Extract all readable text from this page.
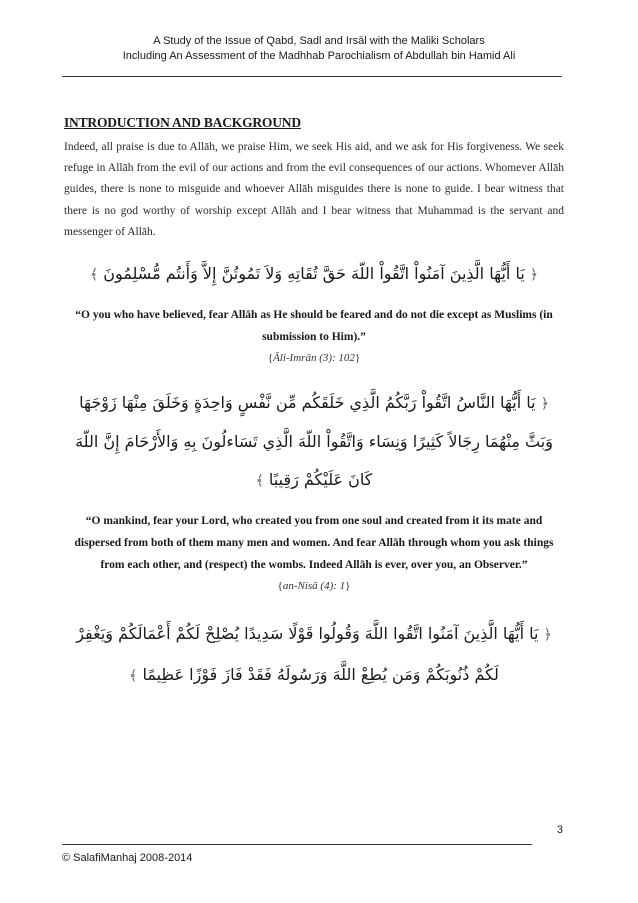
A Study of the Issue of Qabd, Sadl and Irsāl with the Maliki Scholars
Including An Assessment of the Madhhab Parochialism of Abdullah bin Hamid Ali
INTRODUCTION AND BACKGROUND

Indeed, all praise is due to Allāh, we praise Him, we seek His aid, and we ask for His forgiveness. We seek refuge in Allāh from the evil of our actions and from the evil consequences of our actions. Whomever Allāh guides, there is none to misguide and whoever Allāh misguides there is none to guide. I bear witness that there is no god worthy of worship except Allāh and I bear witness that Muhammad is the servant and messenger of Allāh.

﴿ يَا أَيُّهَا الَّذِينَ آمَنُواْ اتَّقُواْ اللّهَ حَقَّ تُقَاتِهِ وَلاَ تَمُوتُنَّ إِلاَّ وَأَنتُم مُّسْلِمُونَ ﴾

“O you who have believed, fear Allāh as He should be feared and do not die except as Muslims (in submission to Him).”

{Āli-Imrān (3): 102}

﴿ يَا أَيُّهَا النَّاسُ اتَّقُواْ رَبَّكُمُ الَّذِي خَلَقَكُم مِّن نَّفْسٍ وَاحِدَةٍ وَخَلَقَ مِنْهَا زَوْجَهَا وَبَثَّ مِنْهُمَا رِجَالاً كَثِيرًا وَنِسَاء وَاتَّقُواْ اللّهَ الَّذِي تَسَاءلُونَ بِهِ وَالأَرْحَامَ إِنَّ اللّهَ كَانَ عَلَيْكُمْ رَقِيبًا ﴾

“O mankind, fear your Lord, who created you from one soul and created from it its mate and dispersed from both of them many men and women. And fear Allāh through whom you ask things from each other, and (respect) the wombs. Indeed Allāh is ever, over you, an Observer.”

{an-Nisā (4): 1}

﴿ يَا أَيُّهَا الَّذِينَ آمَنُوا اتَّقُوا اللَّهَ وَقُولُوا قَوْلًا سَدِيدًا يُصْلِحْ لَكُمْ أَعْمَالَكُمْ وَيَغْفِرْ لَكُمْ ذُنُوبَكُمْ وَمَن يُطِعْ اللَّهَ وَرَسُولَهُ فَقَدْ فَازَ فَوْزًا عَظِيمًا ﴾

3
© SalafiManhaj 2008-2014
